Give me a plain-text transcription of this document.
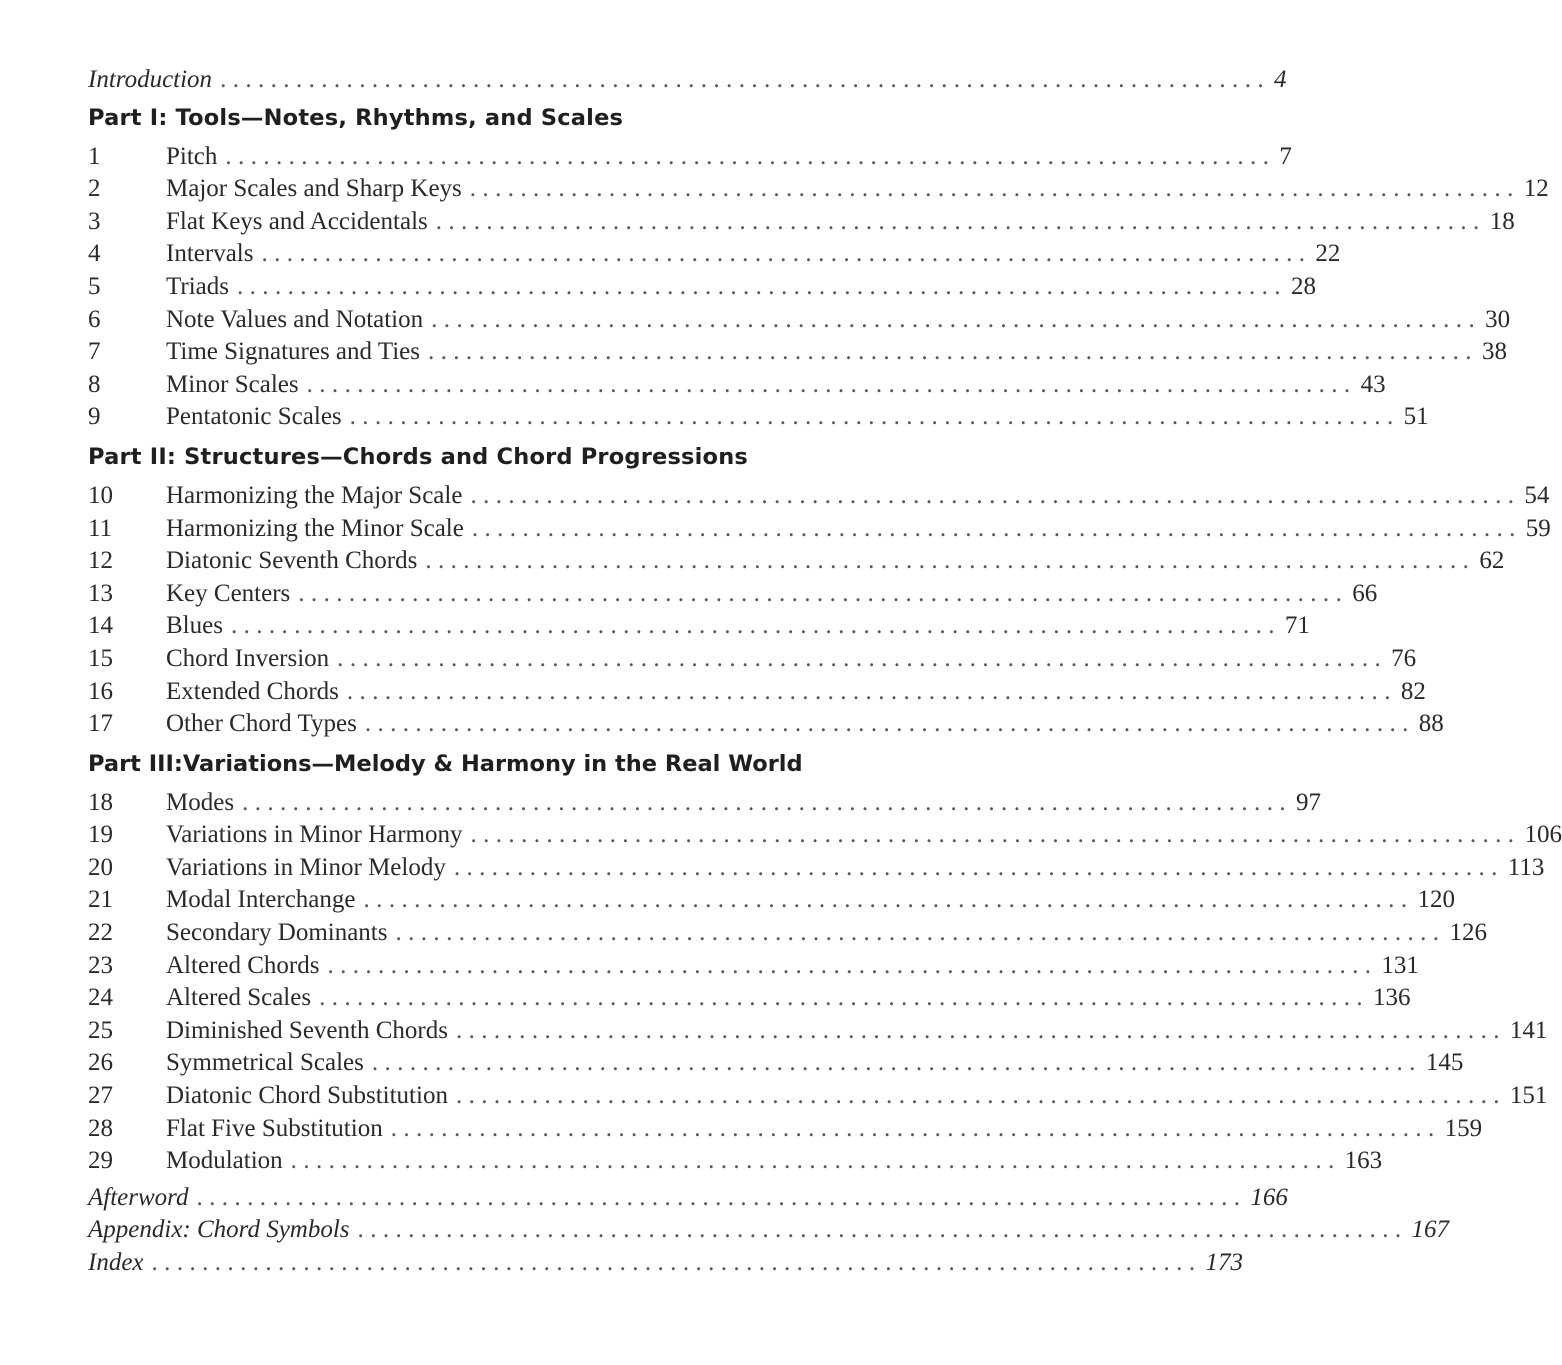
Introduction ................................................................................... 4
Part I: Tools—Notes, Rhythms, and Scales
1	Pitch ................................................................................... 7
2	Major Scales and Sharp Keys ................................................................................... 12
3	Flat Keys and Accidentals ................................................................................... 18
4	Intervals ................................................................................... 22
5	Triads ................................................................................... 28
6	Note Values and Notation ................................................................................... 30
7	Time Signatures and Ties ................................................................................... 38
8	Minor Scales ................................................................................... 43
9	Pentatonic Scales ................................................................................... 51
Part II: Structures—Chords and Chord Progressions
10	Harmonizing the Major Scale ................................................................................... 54
11	Harmonizing the Minor Scale ................................................................................... 59
12	Diatonic Seventh Chords ................................................................................... 62
13	Key Centers ................................................................................... 66
14	Blues ................................................................................... 71
15	Chord Inversion ................................................................................... 76
16	Extended Chords ................................................................................... 82
17	Other Chord Types ................................................................................... 88
Part III:Variations—Melody & Harmony in the Real World
18	Modes ................................................................................... 97
19	Variations in Minor Harmony ................................................................................... 106
20	Variations in Minor Melody ................................................................................... 113
21	Modal Interchange ................................................................................... 120
22	Secondary Dominants ................................................................................... 126
23	Altered Chords ................................................................................... 131
24	Altered Scales ................................................................................... 136
25	Diminished Seventh Chords ................................................................................... 141
26	Symmetrical Scales ................................................................................... 145
27	Diatonic Chord Substitution ................................................................................... 151
28	Flat Five Substitution ................................................................................... 159
29	Modulation ................................................................................... 163
Afterword ................................................................................... 166
Appendix: Chord Symbols ................................................................................... 167
Index ................................................................................... 173
